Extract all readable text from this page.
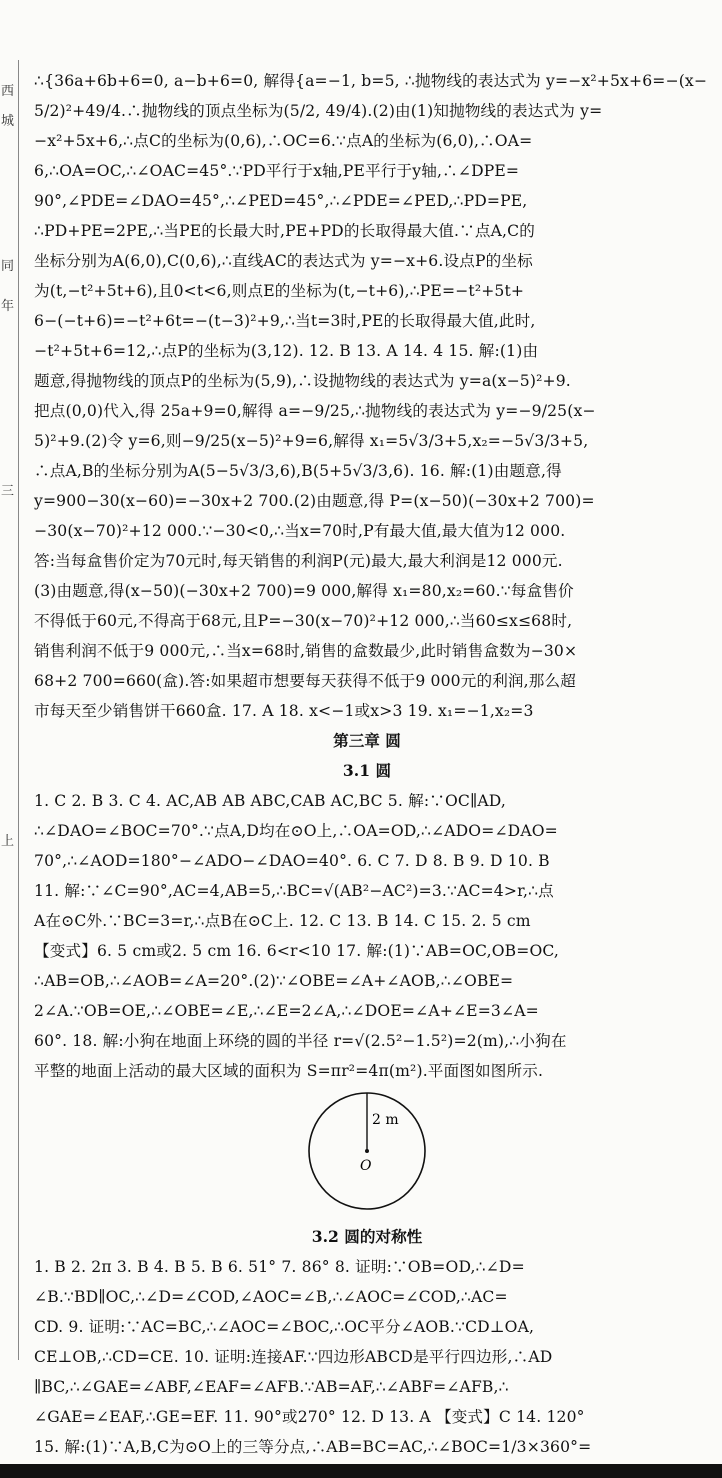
西
城
同
年
三
上
∴{36a+6b+6=0, a−b+6=0, 解得{a=−1, b=5, ∴抛物线的表达式为 y=−x²+5x+6=−(x−
5/2)²+49/4.∴抛物线的顶点坐标为(5/2, 49/4).(2)由(1)知抛物线的表达式为 y=
−x²+5x+6,∴点C的坐标为(0,6),∴OC=6.∵点A的坐标为(6,0),∴OA=
6,∴OA=OC,∴∠OAC=45°.∵PD平行于x轴,PE平行于y轴,∴∠DPE=
90°,∠PDE=∠DAO=45°,∴∠PED=45°,∴∠PDE=∠PED,∴PD=PE,
∴PD+PE=2PE,∴当PE的长最大时,PE+PD的长取得最大值.∵点A,C的
坐标分别为A(6,0),C(0,6),∴直线AC的表达式为 y=−x+6.设点P的坐标
为(t,−t²+5t+6),且0<t<6,则点E的坐标为(t,−t+6),∴PE=−t²+5t+
6−(−t+6)=−t²+6t=−(t−3)²+9,∴当t=3时,PE的长取得最大值,此时,
−t²+5t+6=12,∴点P的坐标为(3,12). 12. B 13. A 14. 4 15. 解:(1)由
题意,得抛物线的顶点P的坐标为(5,9),∴设抛物线的表达式为 y=a(x−5)²+9.
把点(0,0)代入,得 25a+9=0,解得 a=−9/25,∴抛物线的表达式为 y=−9/25(x−
5)²+9.(2)令 y=6,则−9/25(x−5)²+9=6,解得 x₁=5√3/3+5,x₂=−5√3/3+5,
∴点A,B的坐标分别为A(5−5√3/3,6),B(5+5√3/3,6). 16. 解:(1)由题意,得
y=900−30(x−60)=−30x+2 700.(2)由题意,得 P=(x−50)(−30x+2 700)=
−30(x−70)²+12 000.∵−30<0,∴当x=70时,P有最大值,最大值为12 000.
答:当每盒售价定为70元时,每天销售的利润P(元)最大,最大利润是12 000元.
(3)由题意,得(x−50)(−30x+2 700)=9 000,解得 x₁=80,x₂=60.∵每盒售价
不得低于60元,不得高于68元,且P=−30(x−70)²+12 000,∴当60≤x≤68时,
销售利润不低于9 000元,∴当x=68时,销售的盒数最少,此时销售盒数为−30×
68+2 700=660(盒).答:如果超市想要每天获得不低于9 000元的利润,那么超
市每天至少销售饼干660盒. 17. A 18. x<−1或x>3 19. x₁=−1,x₂=3
第三章 圆
3.1 圆
1. C 2. B 3. C 4. AC,AB AB ABC,CAB AC,BC 5. 解:∵OC∥AD,
∴∠DAO=∠BOC=70°.∵点A,D均在⊙O上,∴OA=OD,∴∠ADO=∠DAO=
70°,∴∠AOD=180°−∠ADO−∠DAO=40°. 6. C 7. D 8. B 9. D 10. B
11. 解:∵∠C=90°,AC=4,AB=5,∴BC=√(AB²−AC²)=3.∵AC=4>r,∴点
A在⊙C外.∵BC=3=r,∴点B在⊙C上. 12. C 13. B 14. C 15. 2. 5 cm
【变式】6. 5 cm或2. 5 cm 16. 6<r<10 17. 解:(1)∵AB=OC,OB=OC,
∴AB=OB,∴∠AOB=∠A=20°.(2)∵∠OBE=∠A+∠AOB,∴∠OBE=
2∠A.∵OB=OE,∴∠OBE=∠E,∴∠E=2∠A,∴∠DOE=∠A+∠E=3∠A=
60°. 18. 解:小狗在地面上环绕的圆的半径 r=√(2.5²−1.5²)=2(m),∴小狗在
平整的地面上活动的最大区域的面积为 S=πr²=4π(m²).平面图如图所示.
2 m
O
3.2 圆的对称性
1. B 2. 2π 3. B 4. B 5. B 6. 51° 7. 86° 8. 证明:∵OB=OD,∴∠D=
∠B.∵BD∥OC,∴∠D=∠COD,∠AOC=∠B,∴∠AOC=∠COD,∴AC=
CD. 9. 证明:∵AC=BC,∴∠AOC=∠BOC,∴OC平分∠AOB.∵CD⊥OA,
CE⊥OB,∴CD=CE. 10. 证明:连接AF.∵四边形ABCD是平行四边形,∴AD
∥BC,∴∠GAE=∠ABF,∠EAF=∠AFB.∵AB=AF,∴∠ABF=∠AFB,∴
∠GAE=∠EAF,∴GE=EF. 11. 90°或270° 12. D 13. A 【变式】C 14. 120°
15. 解:(1)∵A,B,C为⊙O上的三等分点,∴AB=BC=AC,∴∠BOC=1/3×360°=
